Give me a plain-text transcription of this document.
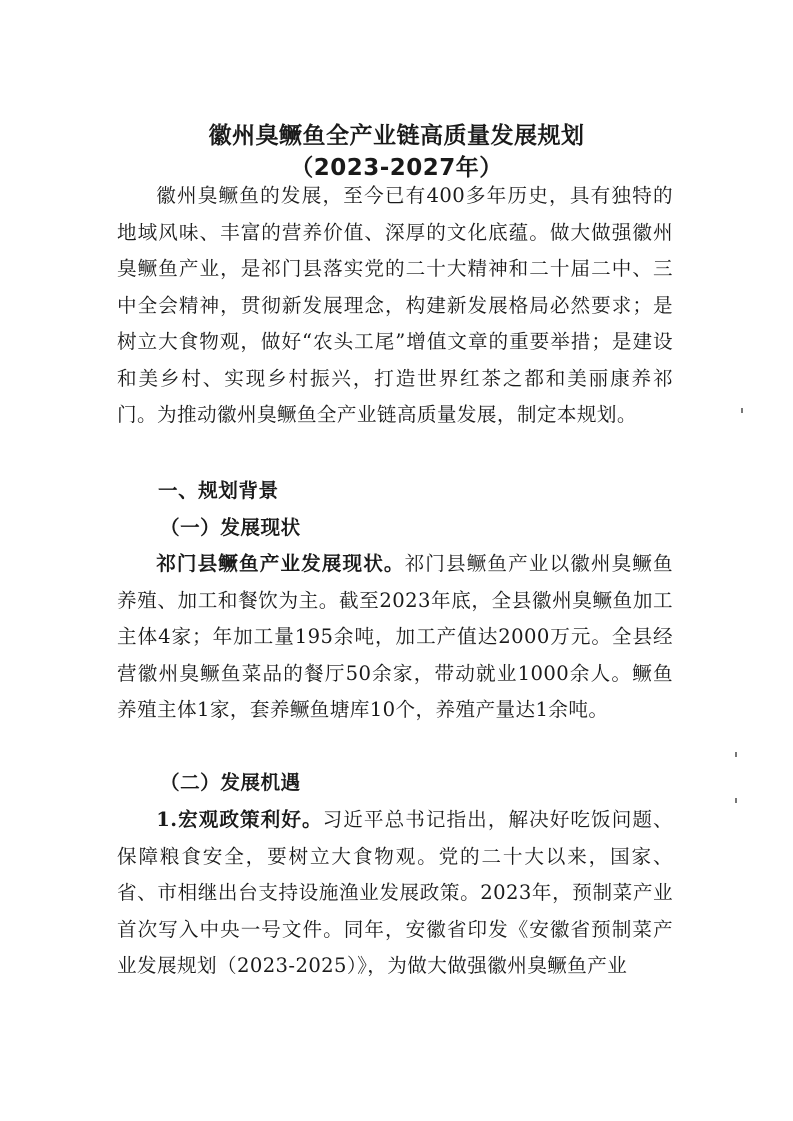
徽州臭鳜鱼全产业链高质量发展规划
（2023-2027年）

徽州臭鳜鱼的发展，至今已有400多年历史，具有独特的地域风味、丰富的营养价值、深厚的文化底蕴。做大做强徽州臭鳜鱼产业，是祁门县落实党的二十大精神和二十届二中、三中全会精神，贯彻新发展理念，构建新发展格局必然要求；是树立大食物观，做好“农头工尾”增值文章的重要举措；是建设和美乡村、实现乡村振兴，打造世界红茶之都和美丽康养祁门。为推动徽州臭鳜鱼全产业链高质量发展，制定本规划。

一、规划背景
（一）发展现状

祁门县鳜鱼产业发展现状。祁门县鳜鱼产业以徽州臭鳜鱼养殖、加工和餐饮为主。截至2023年底，全县徽州臭鳜鱼加工主体4家；年加工量195余吨，加工产值达2000万元。全县经营徽州臭鳜鱼菜品的餐厅50余家，带动就业1000余人。鳜鱼养殖主体1家，套养鳜鱼塘库10个，养殖产量达1余吨。

（二）发展机遇

1.宏观政策利好。习近平总书记指出，解决好吃饭问题、保障粮食安全，要树立大食物观。党的二十大以来，国家、省、市相继出台支持设施渔业发展政策。2023年，预制菜产业首次写入中央一号文件。同年，安徽省印发《安徽省预制菜产业发展规划（2023-2025）》，为做大做强徽州臭鳜鱼产业
